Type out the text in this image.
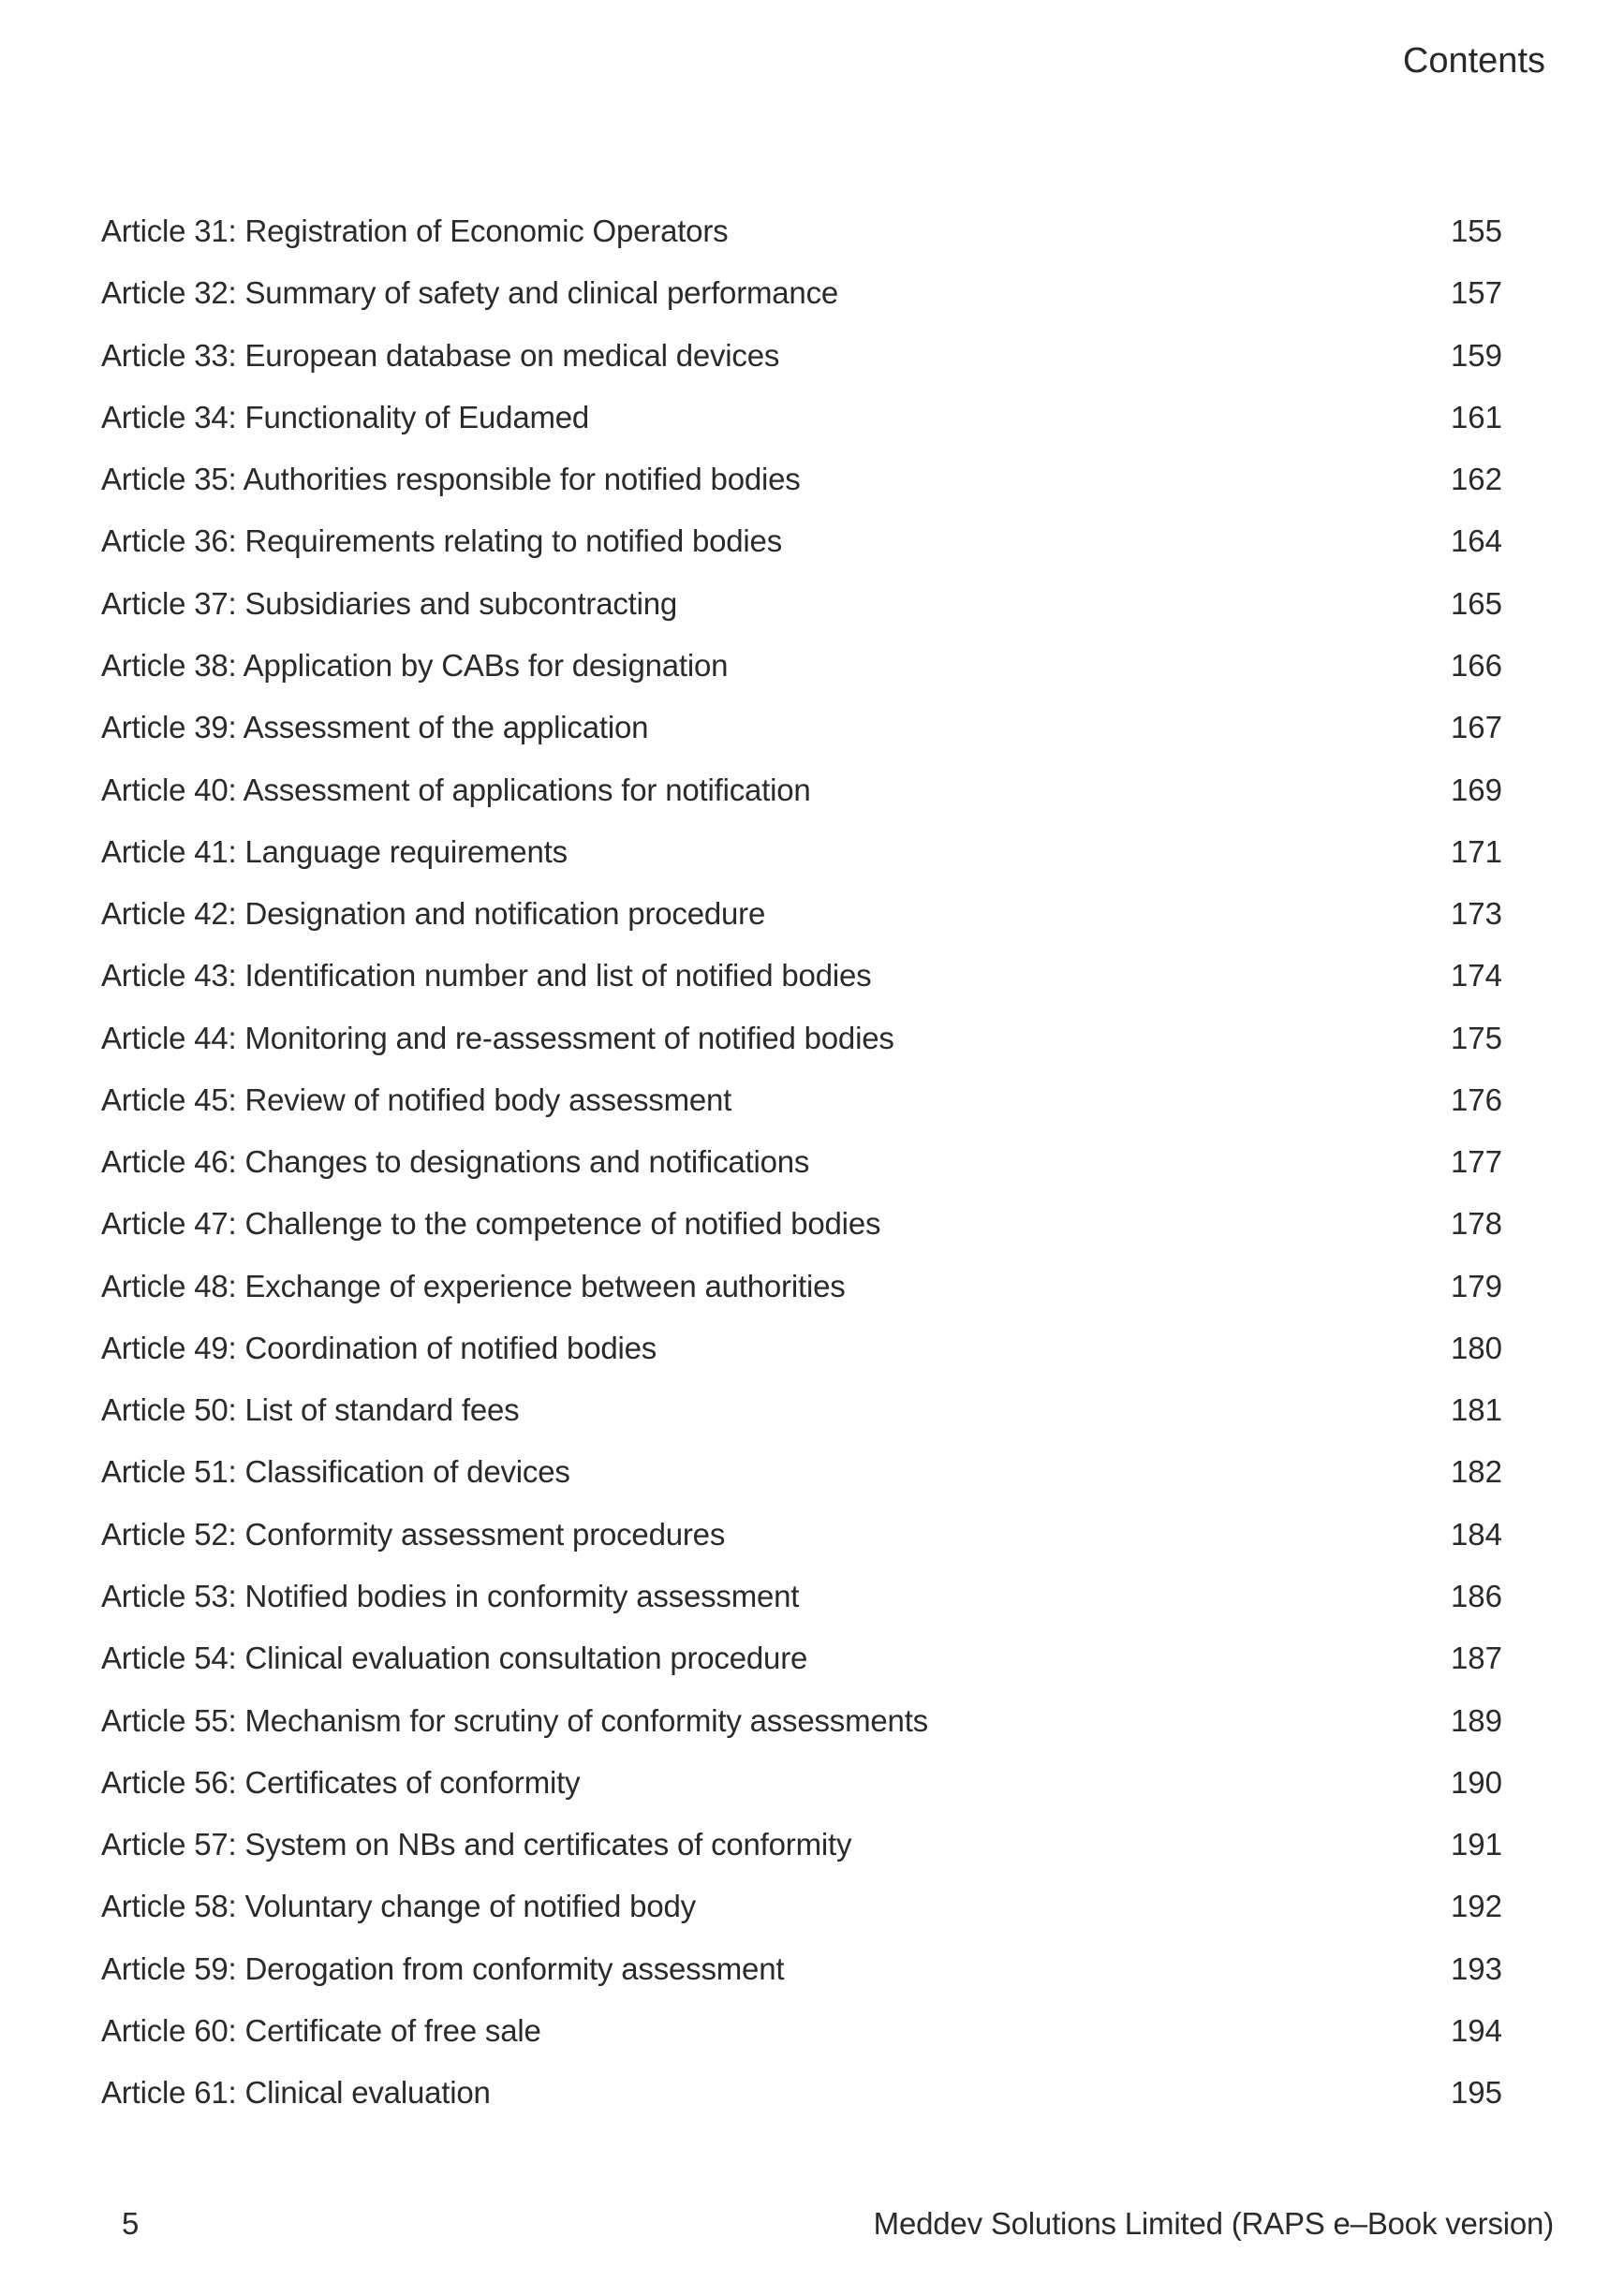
Contents
Article 31: Registration of Economic Operators	155
Article 32: Summary of safety and clinical performance	157
Article 33: European database on medical devices	159
Article 34: Functionality of Eudamed	161
Article 35: Authorities responsible for notified bodies	162
Article 36: Requirements relating to notified bodies	164
Article 37: Subsidiaries and subcontracting	165
Article 38: Application by CABs for designation	166
Article 39: Assessment of the application	167
Article 40: Assessment of applications for notification	169
Article 41: Language requirements	171
Article 42: Designation and notification procedure	173
Article 43: Identification number and list of notified bodies	174
Article 44: Monitoring and re-assessment of notified bodies	175
Article 45: Review of notified body assessment	176
Article 46: Changes to designations and notifications	177
Article 47: Challenge to the competence of notified bodies	178
Article 48: Exchange of experience between authorities	179
Article 49: Coordination of notified bodies	180
Article 50: List of standard fees	181
Article 51: Classification of devices	182
Article 52: Conformity assessment procedures	184
Article 53: Notified bodies in conformity assessment	186
Article 54: Clinical evaluation consultation procedure	187
Article 55: Mechanism for scrutiny of conformity assessments	189
Article 56: Certificates of conformity	190
Article 57: System on NBs and certificates of conformity	191
Article 58: Voluntary change of notified body	192
Article 59: Derogation from conformity assessment	193
Article 60: Certificate of free sale	194
Article 61: Clinical evaluation	195
5	Meddev Solutions Limited (RAPS e–Book version)
